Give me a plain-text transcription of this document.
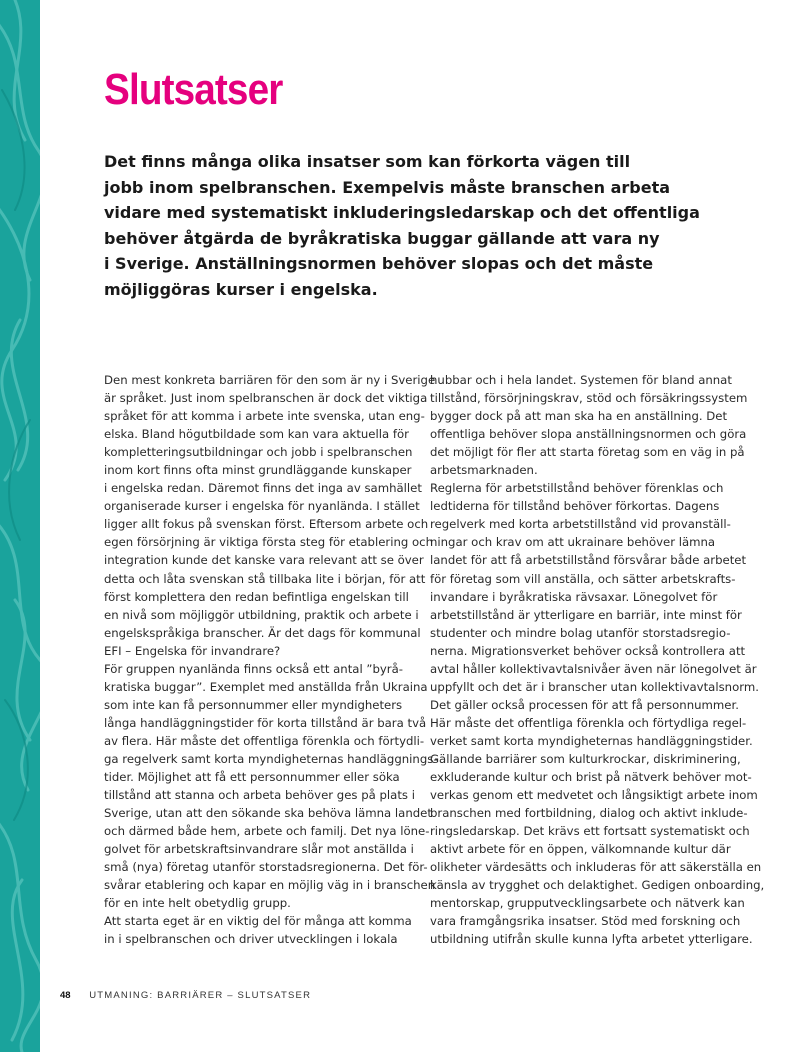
Slutsatser

Det finns många olika insatser som kan förkorta vägen till
jobb inom spelbranschen. Exempelvis måste branschen arbeta
vidare med systematiskt inkluderingsledarskap och det offentliga
behöver åtgärda de byråkratiska buggar gällande att vara ny
i Sverige. Anställningsnormen behöver slopas och det måste
möjliggöras kurser i engelska.

Den mest konkreta barriären för den som är ny i Sverige
är språket. Just inom spelbranschen är dock det viktiga
språket för att komma i arbete inte svenska, utan eng-
elska. Bland högutbildade som kan vara aktuella för
kompletteringsutbildningar och jobb i spelbranschen
inom kort finns ofta minst grundläggande kunskaper
i engelska redan. Däremot finns det inga av samhället
organiserade kurser i engelska för nyanlända. I stället
ligger allt fokus på svenskan först. Eftersom arbete och
egen försörjning är viktiga första steg för etablering och
integration kunde det kanske vara relevant att se över
detta och låta svenskan stå tillbaka lite i början, för att
först komplettera den redan befintliga engelskan till
en nivå som möjliggör utbildning, praktik och arbete i
engelskspråkiga branscher. Är det dags för kommunal
EFI – Engelska för invandrare?
För gruppen nyanlända finns också ett antal ”byrå-
kratiska buggar”. Exemplet med anställda från Ukraina
som inte kan få personnummer eller myndigheters
långa handläggningstider för korta tillstånd är bara två
av flera. Här måste det offentliga förenkla och förtydli-
ga regelverk samt korta myndigheternas handläggnings-
tider. Möjlighet att få ett personnummer eller söka
tillstånd att stanna och arbeta behöver ges på plats i
Sverige, utan att den sökande ska behöva lämna landet
och därmed både hem, arbete och familj. Det nya löne-
golvet för arbetskraftsinvandrare slår mot anställda i
små (nya) företag utanför storstadsregionerna. Det för-
svårar etablering och kapar en möjlig väg in i branschen
för en inte helt obetydlig grupp.
Att starta eget är en viktig del för många att komma
in i spelbranschen och driver utvecklingen i lokala
hubbar och i hela landet. Systemen för bland annat
tillstånd, försörjningskrav, stöd och försäkringssystem
bygger dock på att man ska ha en anställning. Det
offentliga behöver slopa anställningsnormen och göra
det möjligt för fler att starta företag som en väg in på
arbetsmarknaden.
Reglerna för arbetstillstånd behöver förenklas och
ledtiderna för tillstånd behöver förkortas. Dagens
regelverk med korta arbetstillstånd vid provanställ-
ningar och krav om att ukrainare behöver lämna
landet för att få arbetstillstånd försvårar både arbetet
för företag som vill anställa, och sätter arbetskrafts-
invandare i byråkratiska rävsaxar. Lönegolvet för
arbetstillstånd är ytterligare en barriär, inte minst för
studenter och mindre bolag utanför storstadsregio-
nerna. Migrationsverket behöver också kontrollera att
avtal håller kollektivavtalsnivåer även när lönegolvet är
uppfyllt och det är i branscher utan kollektivavtalsnorm.
Det gäller också processen för att få personnummer.
Här måste det offentliga förenkla och förtydliga regel-
verket samt korta myndigheternas handläggningstider.
Gällande barriärer som kulturkrockar, diskriminering,
exkluderande kultur och brist på nätverk behöver mot-
verkas genom ett medvetet och långsiktigt arbete inom
branschen med fortbildning, dialog och aktivt inklude-
ringsledarskap. Det krävs ett fortsatt systematiskt och
aktivt arbete för en öppen, välkomnande kultur där
olikheter värdesätts och inkluderas för att säkerställa en
känsla av trygghet och delaktighet. Gedigen onboarding,
mentorskap, grupputvecklingsarbete och nätverk kan
vara framgångsrika insatser. Stöd med forskning och
utbildning utifrån skulle kunna lyfta arbetet ytterligare.
48 UTMANING: BARRIÄRER – SLUTSATSER
